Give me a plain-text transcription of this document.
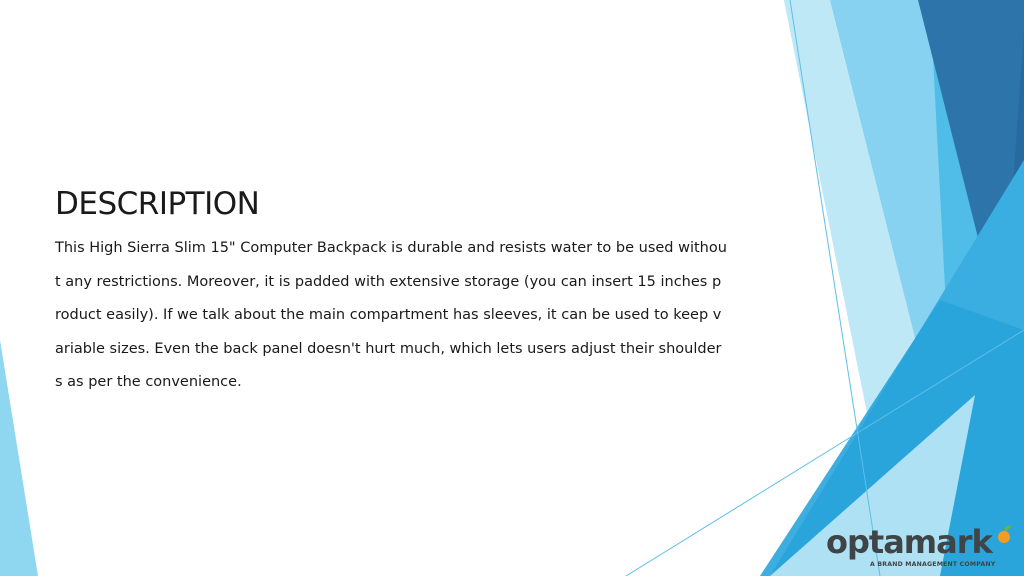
DESCRIPTION

This High Sierra Slim 15" Computer Backpack is durable and resists water to be used without any restrictions. Moreover, it is padded with extensive storage (you can insert 15 inches product easily). If we talk about the main compartment has sleeves, it can be used to keep variable sizes. Even the back panel doesn't hurt much, which lets users adjust their shoulders as per the convenience.

optamark
A BRAND MANAGEMENT COMPANY
